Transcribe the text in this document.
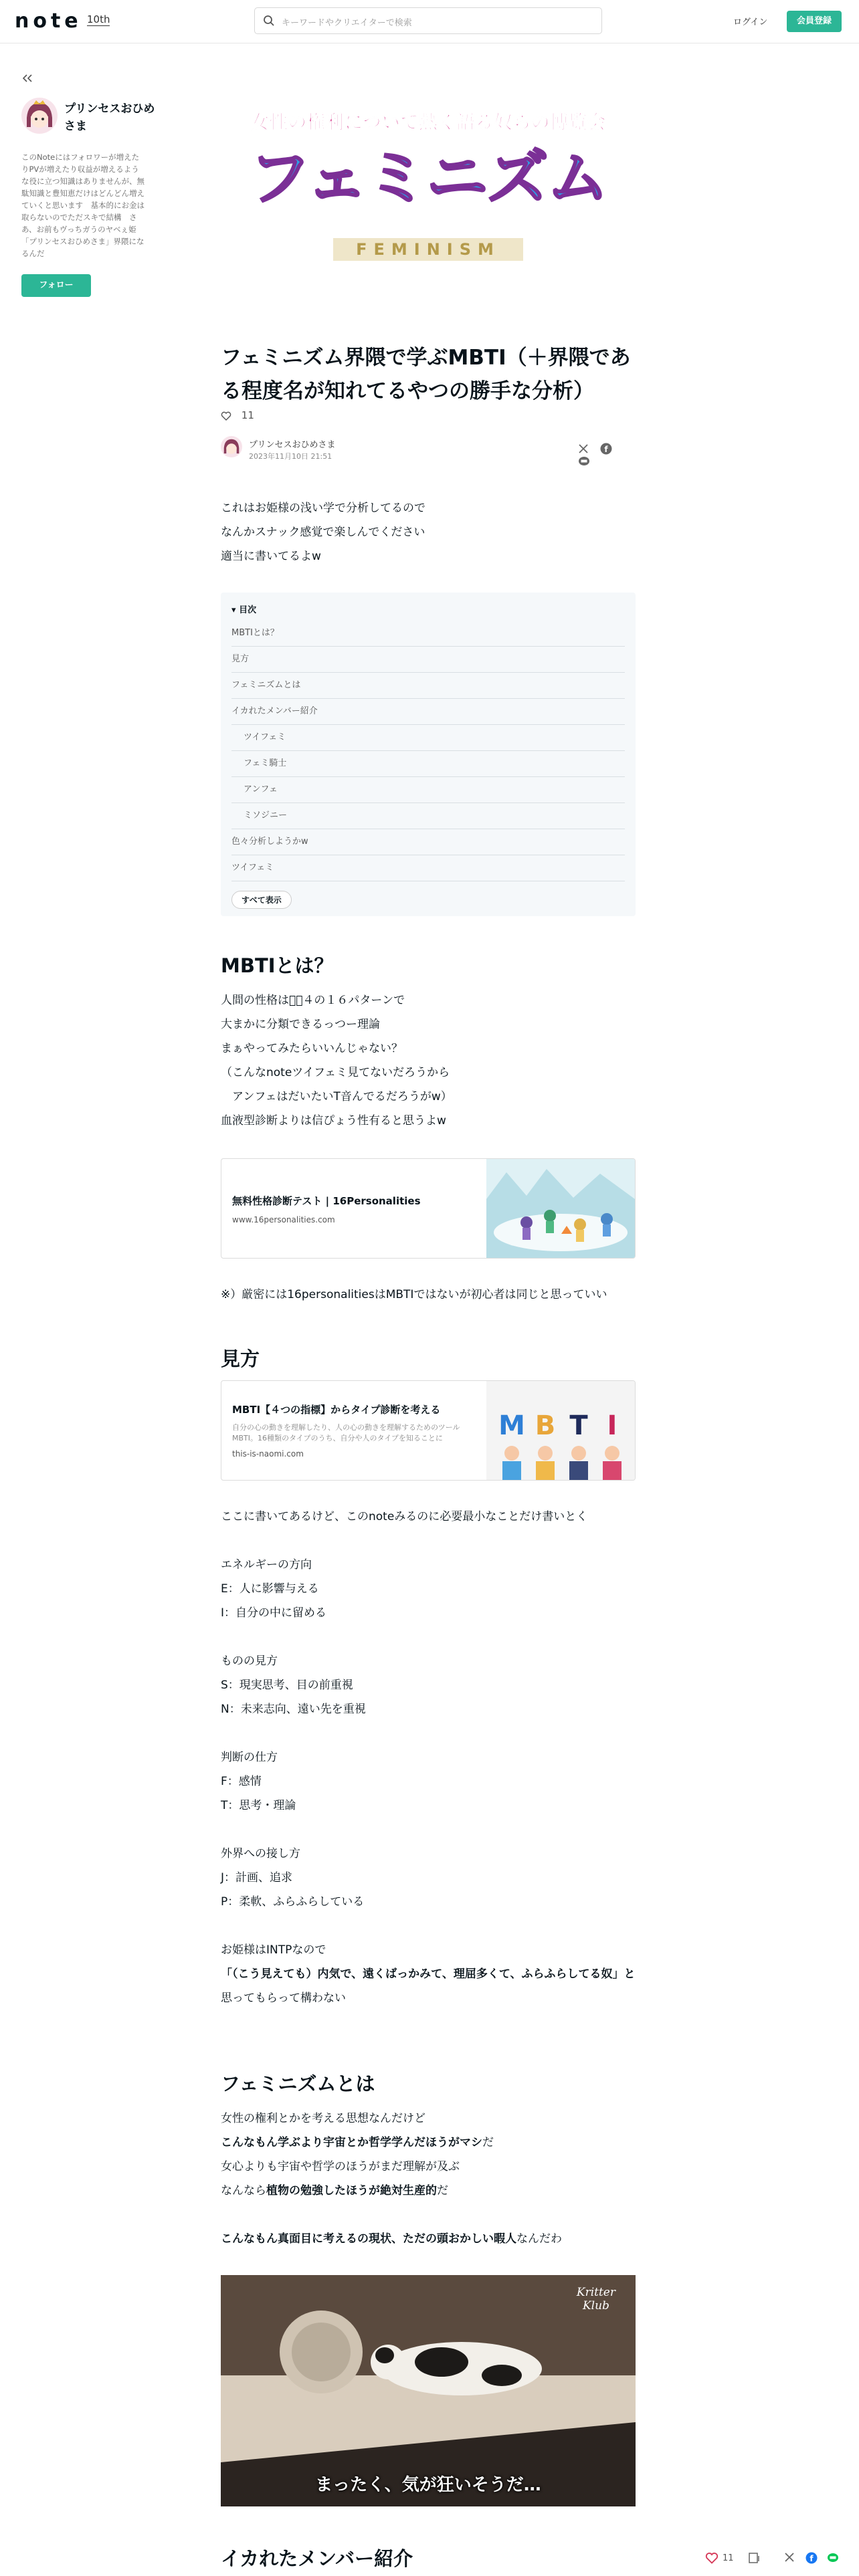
note 10th	キーワードやクリエイターで検索	ログイン	会員登録
プリンセスおひめさま
このNoteにはフォロワーが増えたりPVが増えたり収益が増えるような役に立つ知識はありませんが、無駄知識と豊知恵だけはどんどん増えていくと思います　基本的にお金は取らないのでただスキで結構　さあ、お前もヴっちガうのヤベぇ姫「プリンセスおひめさま」界隈になるんだ
フォロー
女性の権利について熱く語る奴らの博覧会
フェミニズム
FEMINISM
フェミニズム界隈で学ぶMBTI（＋界隈である程度名が知れてるやつの勝手な分析）
11
プリンセスおひめさま
2023年11月10日 21:51

f

これはお姫様の浅い学で分析してるので
なんかスナック感覚で楽しんでください
適当に書いてるよw
▾ 目次
MBTIとは？
見方
フェミニズムとは
イカれたメンバー紹介
ツイフェミ
フェミ騎士
アンフェ
ミソジニー
色々分析しようかw
ツイフェミ
すべて表示
MBTIとは？
人間の性格は２⃣４の１６パターンで
大まかに分類できるっつー理論
まぁやってみたらいいんじゃない？
（こんなnoteツイフェミ見てないだろうから
　アンフェはだいたいT音んでるだろうがw）
血液型診断よりは信ぴょう性有ると思うよw
無料性格診断テスト | 16Personalities
www.16personalities.com
※）厳密には16personalitiesはMBTIではないが初心者は同じと思っていい
見方
MBTI【４つの指標】からタイプ診断を考える
自分の心の動きを理解したり、人の心の動きを理解するためのツールMBTI。16種類のタイプのうち、自分や人のタイプを知ることに
this-is-naomi.com
M B T I
ここに書いてあるけど、このnoteみるのに必要最小なことだけ書いとく
エネルギーの方向
E：人に影響与える
I：自分の中に留める
ものの見方
S：現実思考、目の前重視
N：未来志向、遠い先を重視
判断の仕方
F：感情
T：思考・理論
外界への接し方
J：計画、追求
P：柔軟、ふらふらしている
お姫様はINTPなので
「（こう見えても）内気で、遠くばっかみて、理屈多くて、ふらふらしてる奴」と
思ってもらって構わない
フェミニズムとは
女性の権利とかを考える思想なんだけど
こんなもん学ぶより宇宙とか哲学学んだほうがマシだ
女心よりも宇宙や哲学のほうがまだ理解が及ぶ
なんなら植物の勉強したほうが絶対生産的だ
こんなもん真面目に考えるの現状、ただの頭おかしい暇人なんだわ
Kritter
Klub
まったく、気が狂いそうだ…
イカれたメンバー紹介	11	f
